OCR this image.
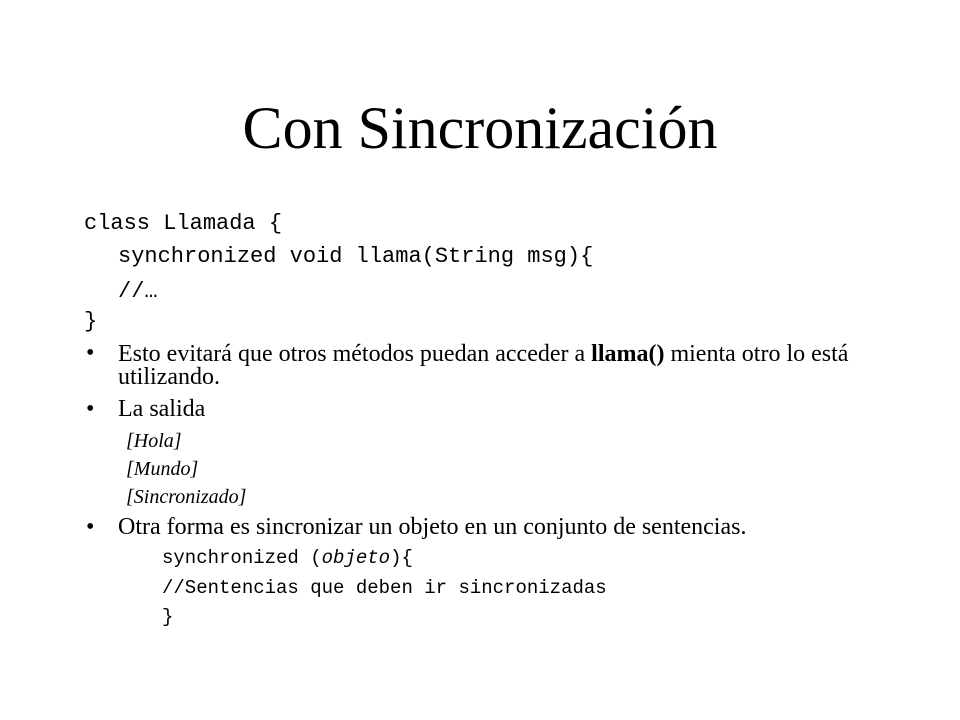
Con Sincronización
class Llamada {
synchronized void llama(String msg){
//…
}
• Esto evitará que otros métodos puedan acceder a llama() mienta otro lo está utilizando.
• La salida
[Hola]
[Mundo]
[Sincronizado]
• Otra forma es sincronizar un objeto en un conjunto de sentencias.
synchronized (objeto){
//Sentencias que deben ir sincronizadas
}
